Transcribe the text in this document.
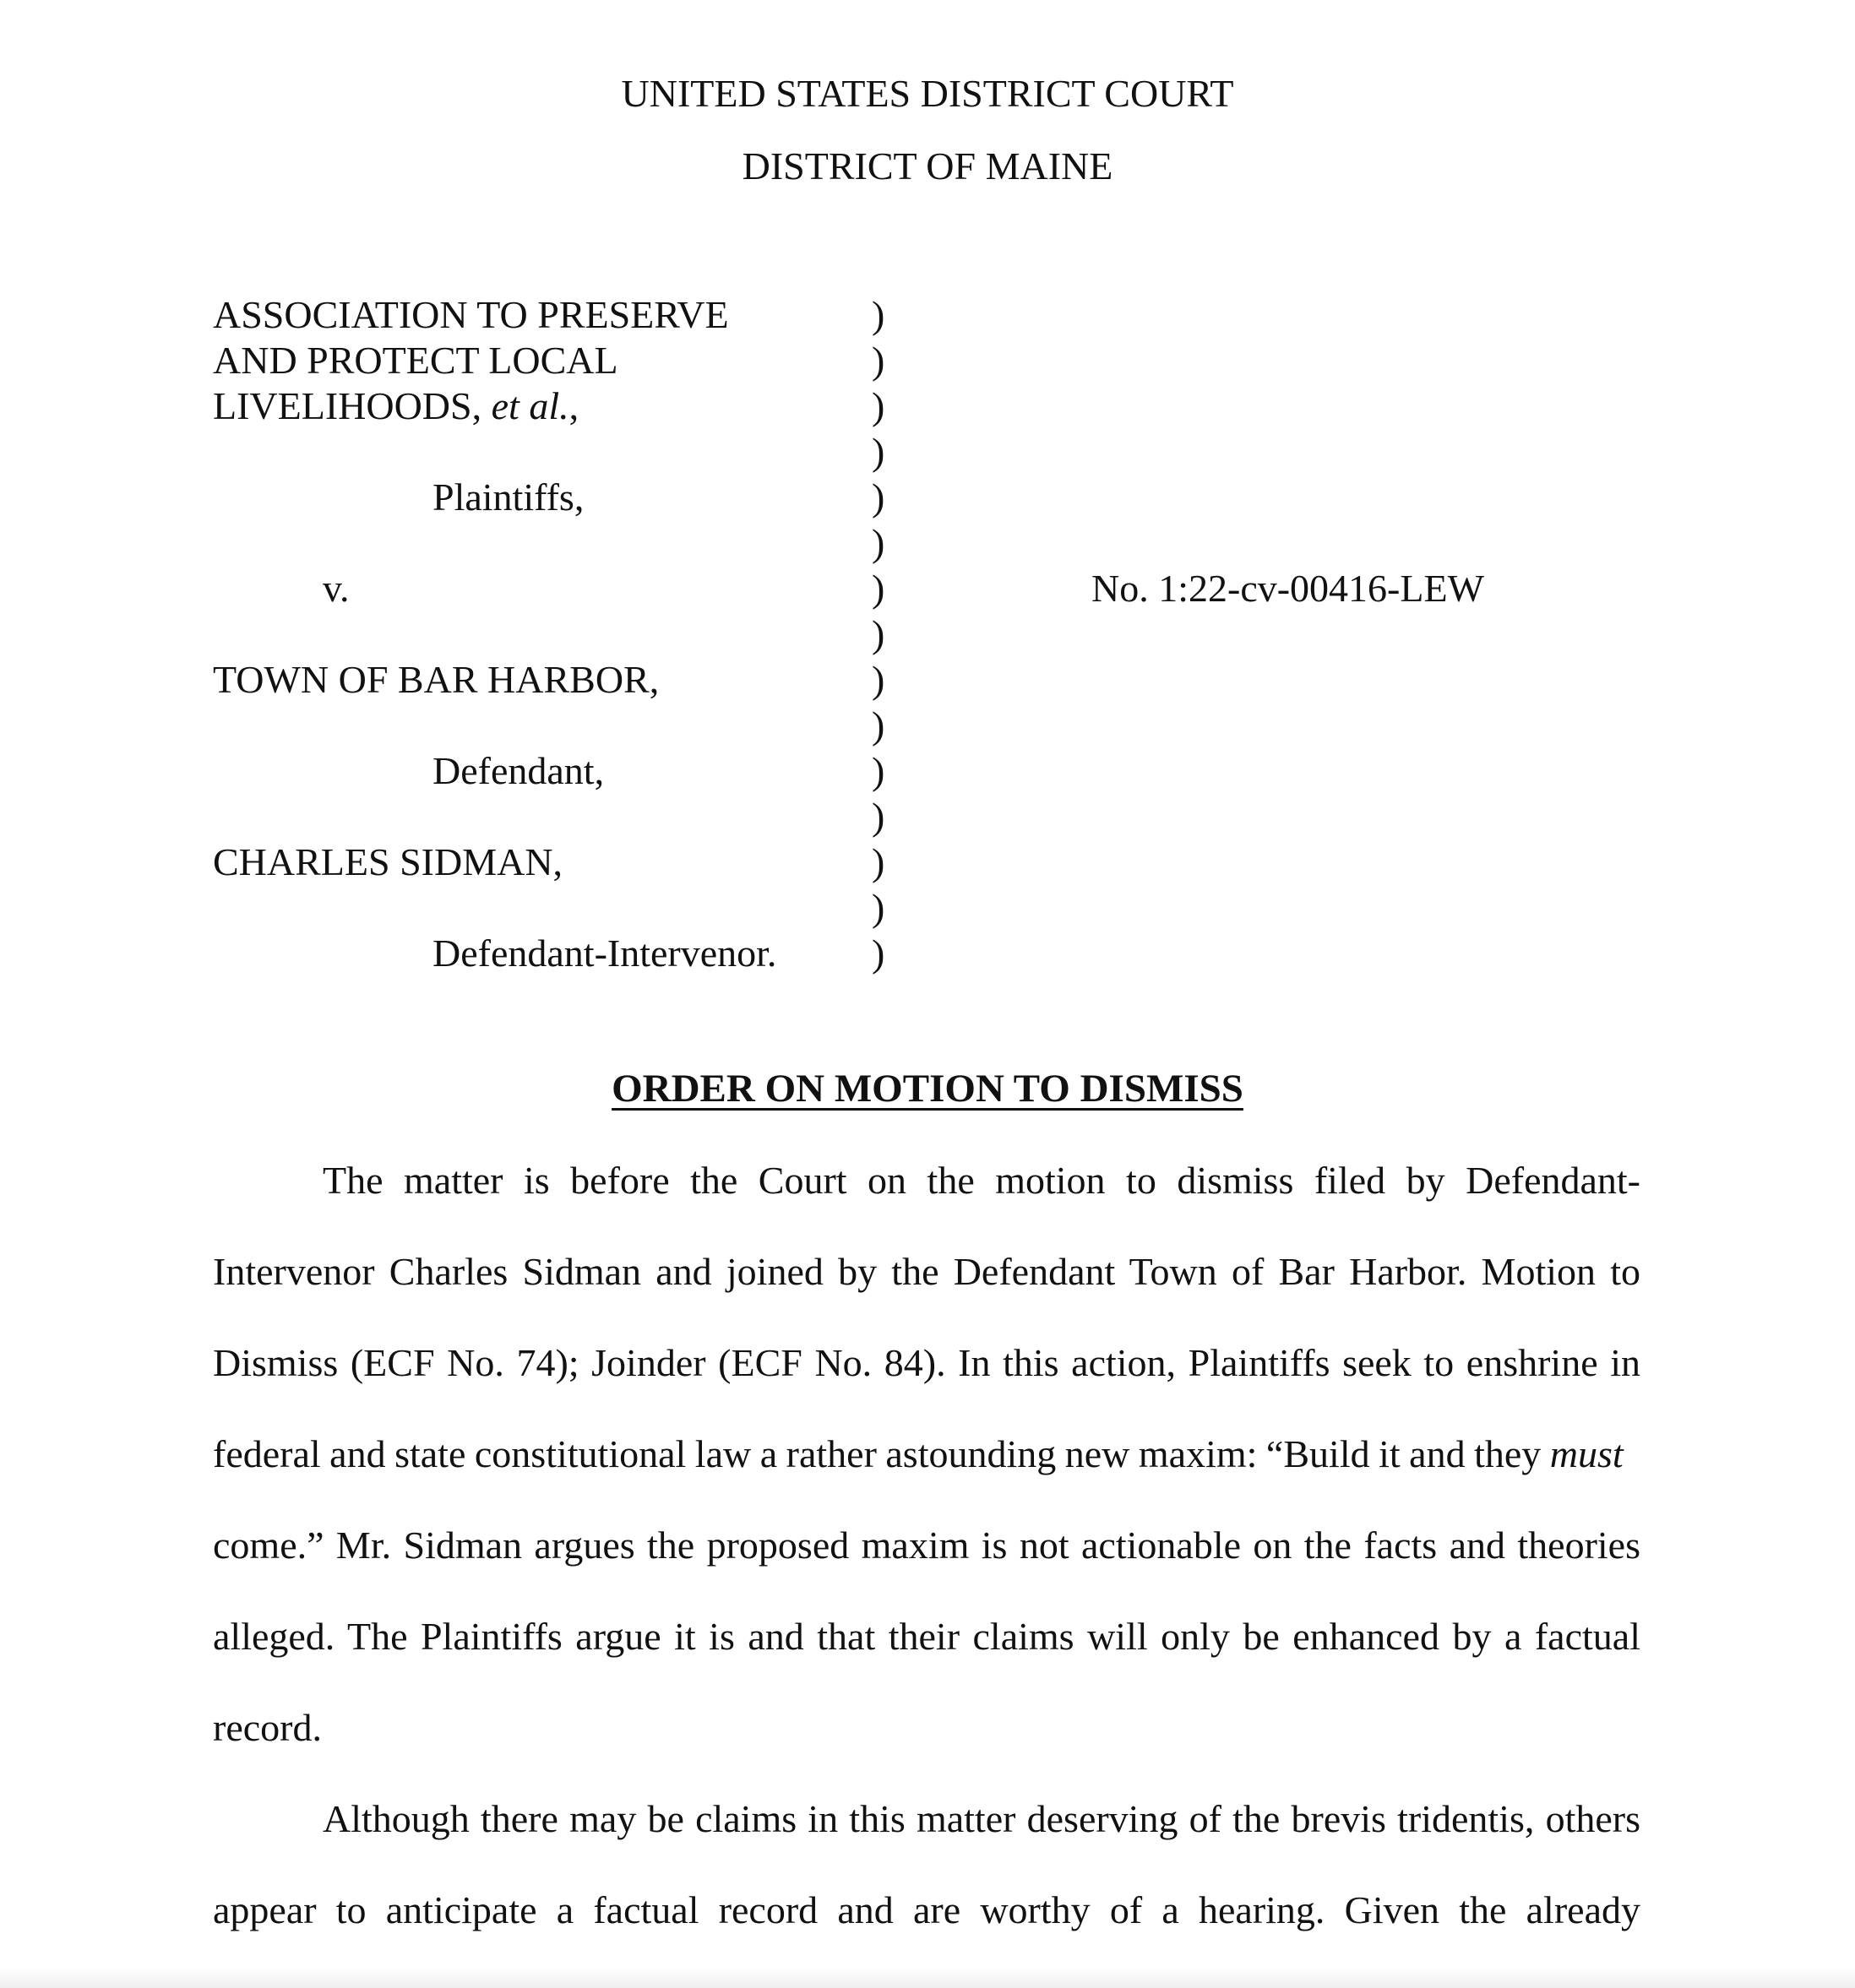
UNITED STATES DISTRICT COURT
DISTRICT OF MAINE
ASSOCIATION TO PRESERVE
AND PROTECT LOCAL
LIVELIHOODS, et al.,
Plaintiffs,
v.
TOWN OF BAR HARBOR,
Defendant,
CHARLES SIDMAN,
Defendant-Intervenor.
)
)
)
)
)
)
)
)
)
)
)
)
)
)
)
No. 1:22-cv-00416-LEW
ORDER ON MOTION TO DISMISS
The matter is before the Court on the motion to dismiss filed by Defendant-
Intervenor Charles Sidman and joined by the Defendant Town of Bar Harbor. Motion to
Dismiss (ECF No. 74); Joinder (ECF No. 84). In this action, Plaintiffs seek to enshrine in
federal and state constitutional law a rather astounding new maxim: “Build it and they must
come.” Mr. Sidman argues the proposed maxim is not actionable on the facts and theories
alleged. The Plaintiffs argue it is and that their claims will only be enhanced by a factual
record.
Although there may be claims in this matter deserving of the brevis tridentis, others
appear to anticipate a factual record and are worthy of a hearing. Given the already
